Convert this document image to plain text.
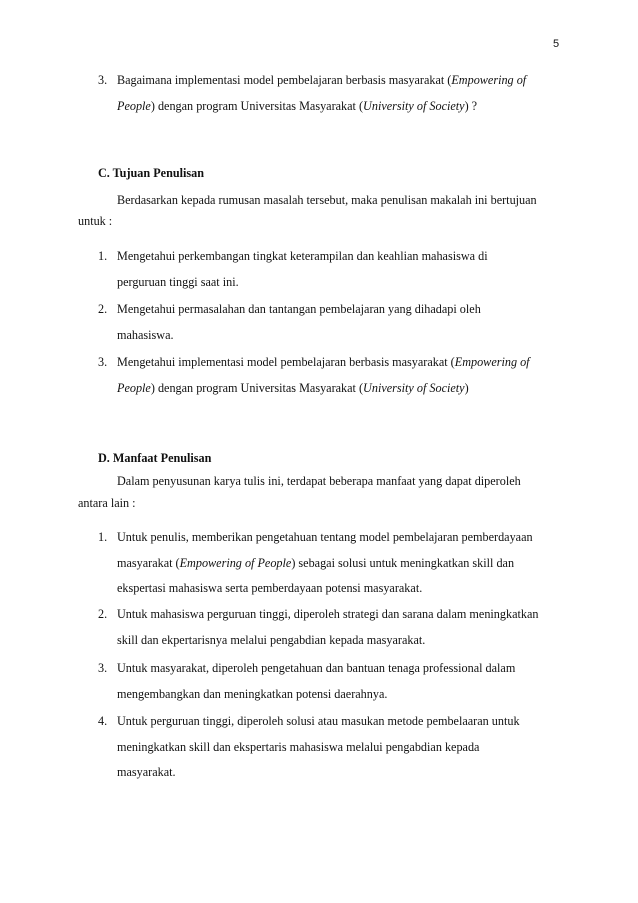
5
3. Bagaimana implementasi model pembelajaran berbasis masyarakat (Empowering of
People) dengan program Universitas Masyarakat (University of Society) ?
C. Tujuan Penulisan
Berdasarkan kepada rumusan masalah tersebut, maka penulisan makalah ini bertujuan
untuk :
1. Mengetahui perkembangan tingkat keterampilan dan keahlian mahasiswa di
perguruan tinggi saat ini.
2. Mengetahui permasalahan dan tantangan pembelajaran yang dihadapi oleh
mahasiswa.
3. Mengetahui implementasi model pembelajaran berbasis masyarakat (Empowering of
People) dengan program Universitas Masyarakat (University of Society)
D. Manfaat Penulisan
Dalam penyusunan karya tulis ini, terdapat beberapa manfaat yang dapat diperoleh
antara lain :
1. Untuk penulis, memberikan pengetahuan tentang model pembelajaran pemberdayaan
masyarakat (Empowering of People) sebagai solusi untuk meningkatkan skill dan
ekspertasi mahasiswa serta pemberdayaan potensi masyarakat.
2. Untuk mahasiswa perguruan tinggi, diperoleh strategi dan sarana dalam meningkatkan
skill dan ekpertarisnya melalui pengabdian kepada masyarakat.
3. Untuk masyarakat, diperoleh pengetahuan dan bantuan tenaga professional dalam
mengembangkan dan meningkatkan potensi daerahnya.
4. Untuk perguruan tinggi, diperoleh solusi atau masukan metode pembelaaran untuk
meningkatkan skill dan ekspertaris mahasiswa melalui pengabdian kepada
masyarakat.
